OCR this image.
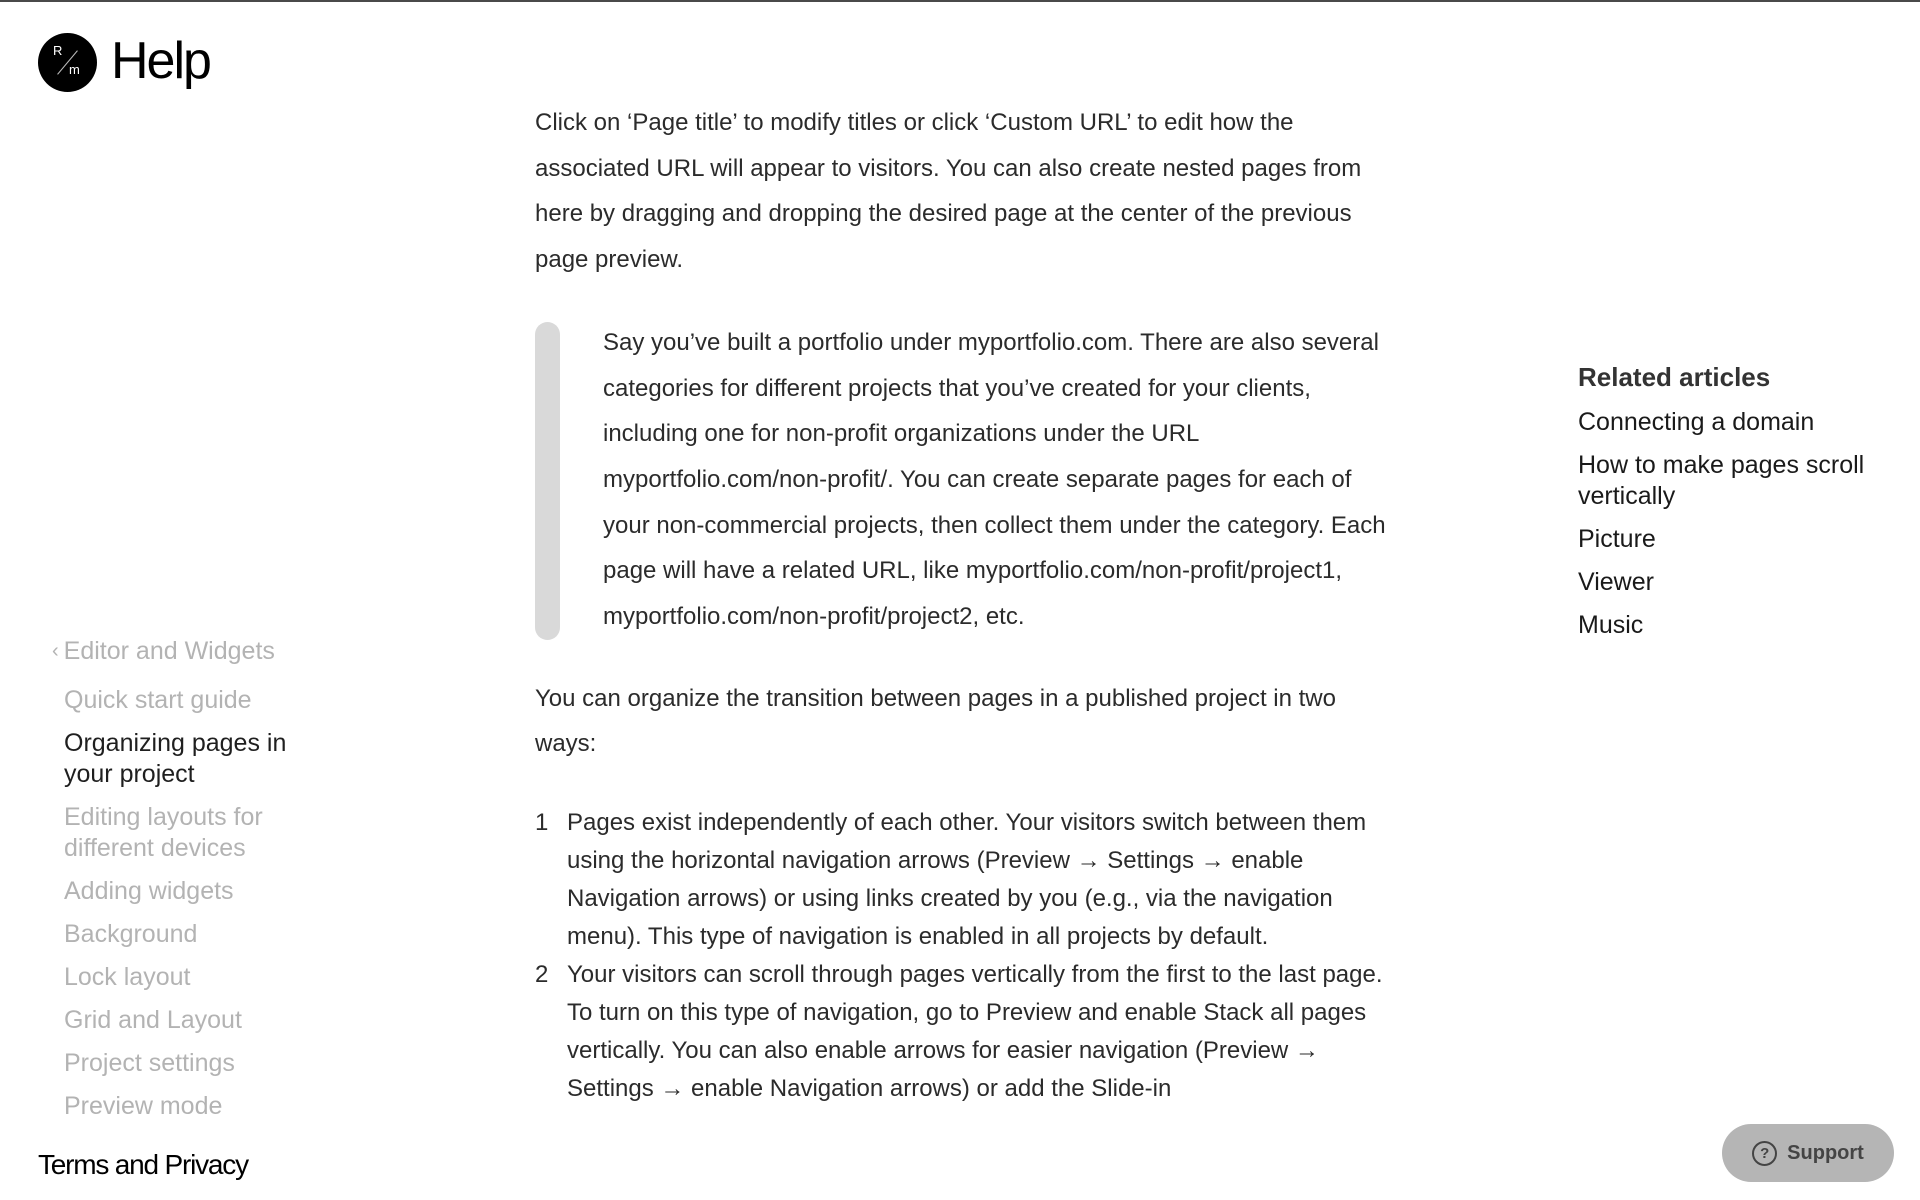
R
m Help
‹ Editor and Widgets
Quick start guide
Organizing pages in your project
Editing layouts for different devices
Adding widgets
Background
Lock layout
Grid and Layout
Project settings
Preview mode
Terms and Privacy

Click on ‘Page title’ to modify titles or click ‘Custom URL’ to edit how the associated URL will appear to visitors. You can also create nested pages from here by dragging and dropping the desired page at the center of the previous page preview.

Say you’ve built a portfolio under myportfolio.com. There are also several categories for different projects that you’ve created for your clients, including one for non-profit organizations under the URL myportfolio.com/non-profit/. You can create separate pages for each of your non-commercial projects, then collect them under the category. Each page will have a related URL, like myportfolio.com/non-profit/project1, myportfolio.com/non-profit/project2, etc.

You can organize the transition between pages in a published project in two ways:

1 Pages exist independently of each other. Your visitors switch between them using the horizontal navigation arrows (Preview → Settings → enable Navigation arrows) or using links created by you (e.g., via the navigation menu). This type of navigation is enabled in all projects by default.
2 Your visitors can scroll through pages vertically from the first to the last page. To turn on this type of navigation, go to Preview and enable Stack all pages vertically. You can also enable arrows for easier navigation (Preview → Settings → enable Navigation arrows) or add the Slide-in
Related articles
Connecting a domain
How to make pages scroll vertically
Picture
Viewer
Music
? Support
